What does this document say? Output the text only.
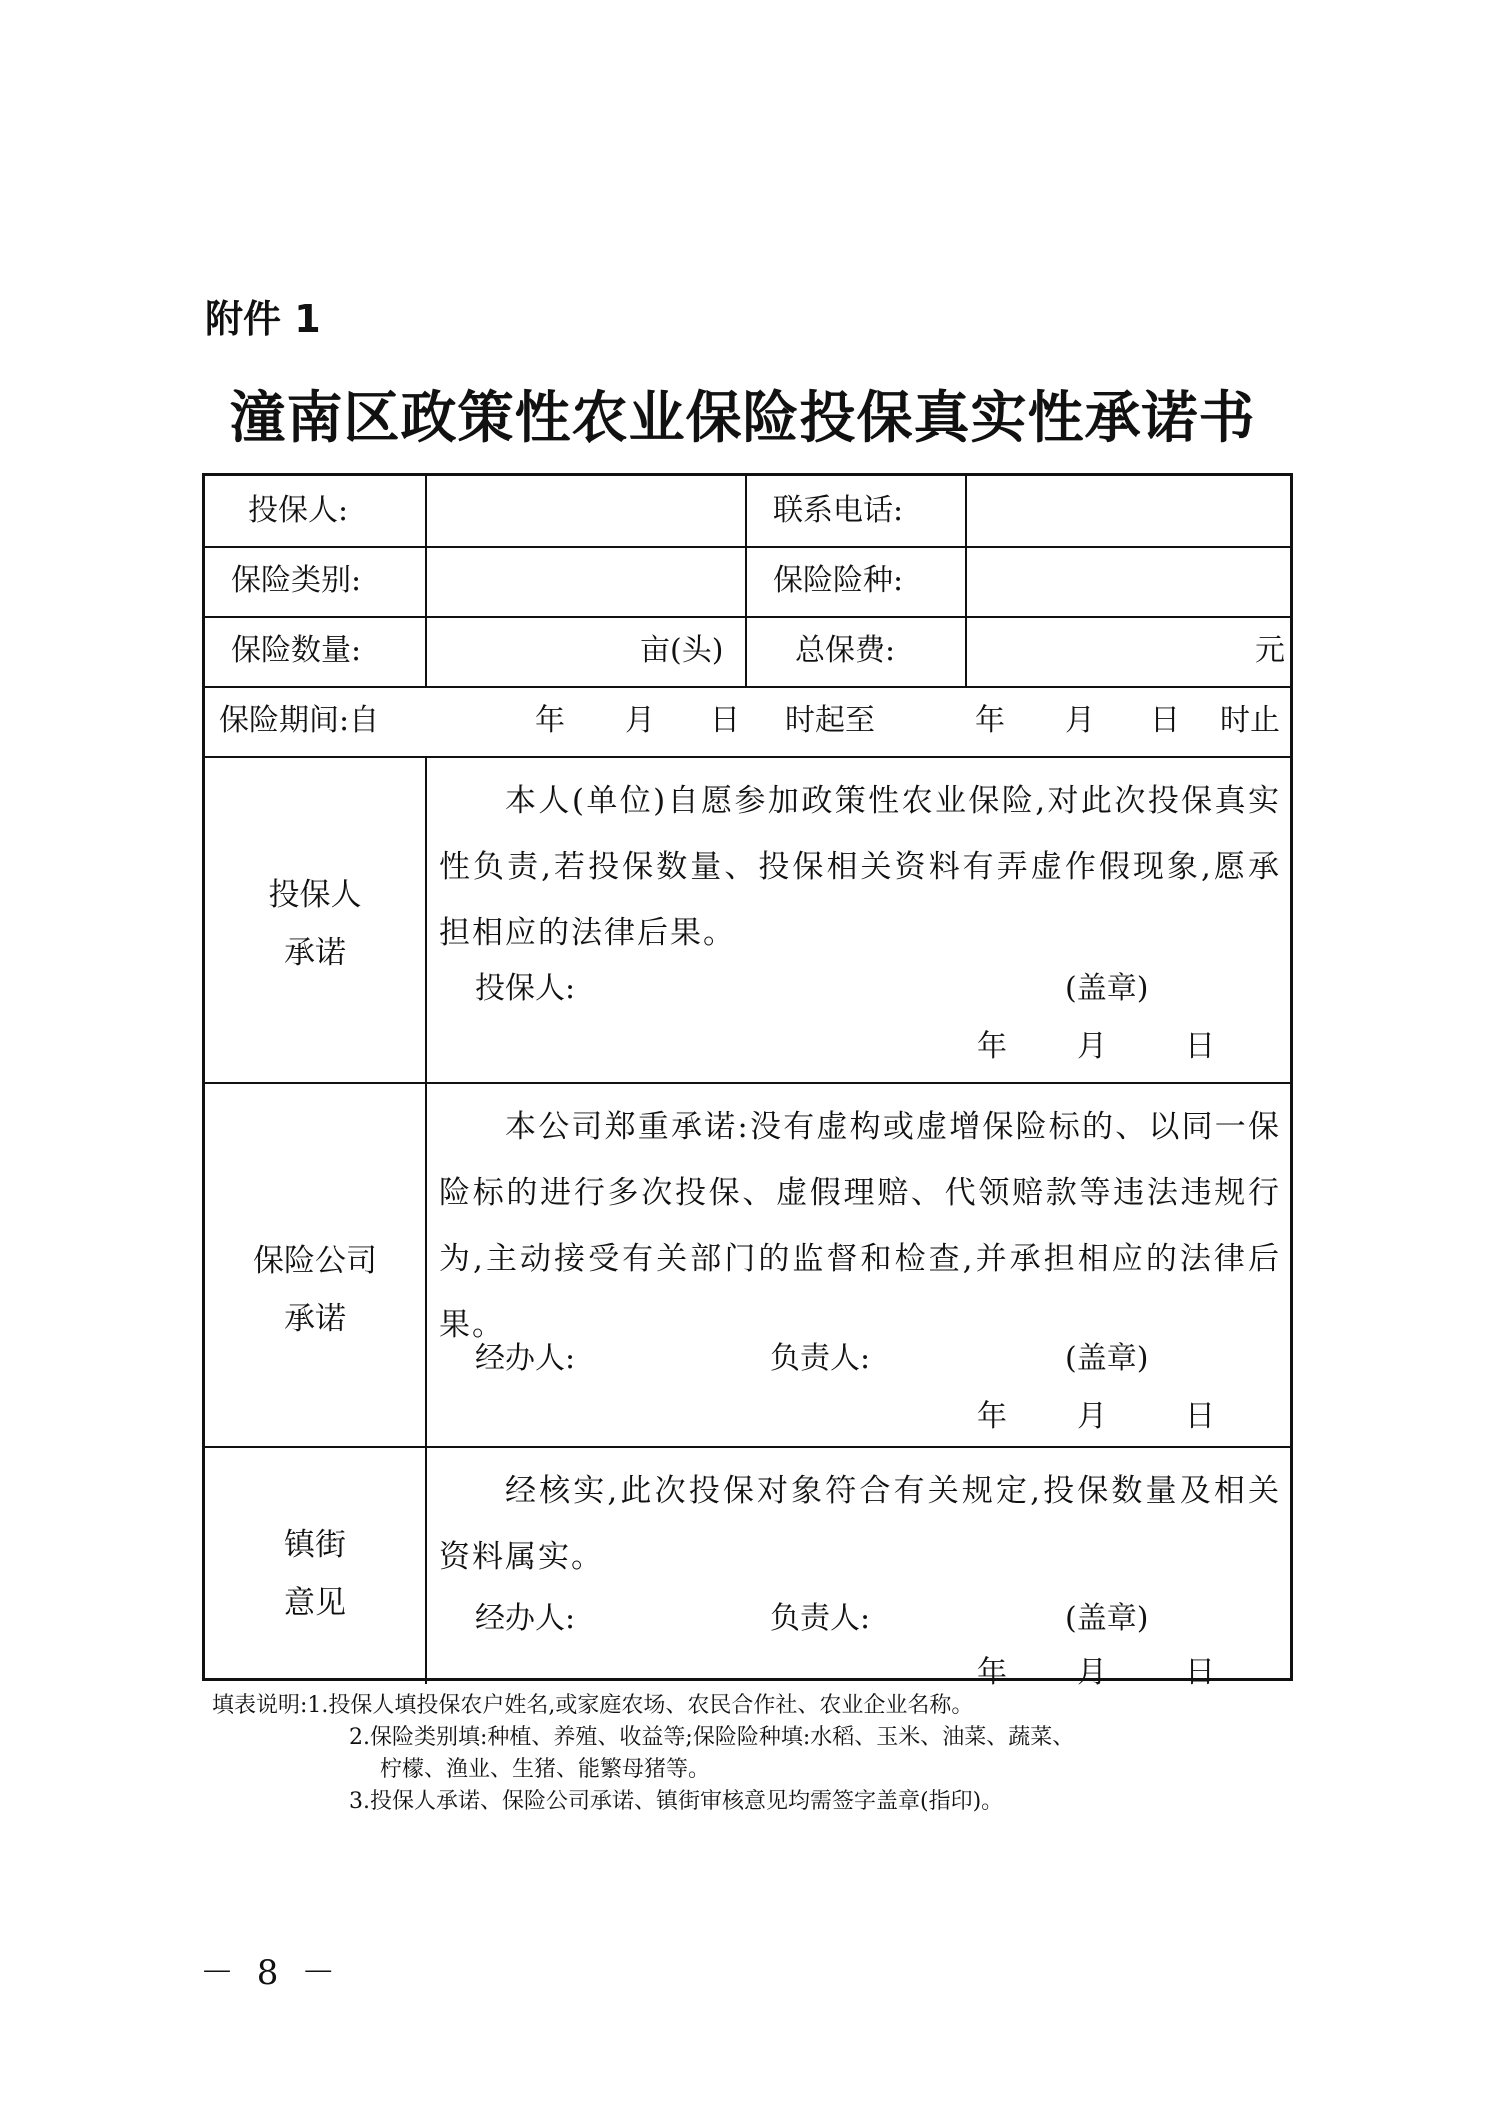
附件 1
潼南区政策性农业保险投保真实性承诺书
投保人:	联系电话:
保险类别:	保险险种:
保险数量:	亩(头) 总保费:	元
保险期间:自	年 月 日 时起至	年 月 日 时止
投保人
承诺
本人(单位)自愿参加政策性农业保险,对此次投保真实性负责,若投保数量、投保相关资料有弄虚作假现象,愿承担相应的法律后果。
投保人:	(盖章)
年 月	日
保险公司
承诺
本公司郑重承诺:没有虚构或虚增保险标的、以同一保险标的进行多次投保、虚假理赔、代领赔款等违法违规行为,主动接受有关部门的监督和检查,并承担相应的法律后果。
经办人:	负责人:	(盖章)
年 月	日
镇街
意见
经核实,此次投保对象符合有关规定,投保数量及相关资料属实。
经办人:	负责人:	(盖章)
年 月	日
填表说明:1.投保人填投保农户姓名,或家庭农场、农民合作社、农业企业名称。
2.保险类别填:种植、养殖、收益等;保险险种填:水稻、玉米、油菜、蔬菜、
柠檬、渔业、生猪、能繁母猪等。
3.投保人承诺、保险公司承诺、镇街审核意见均需签字盖章(指印)。
－ 8 －
